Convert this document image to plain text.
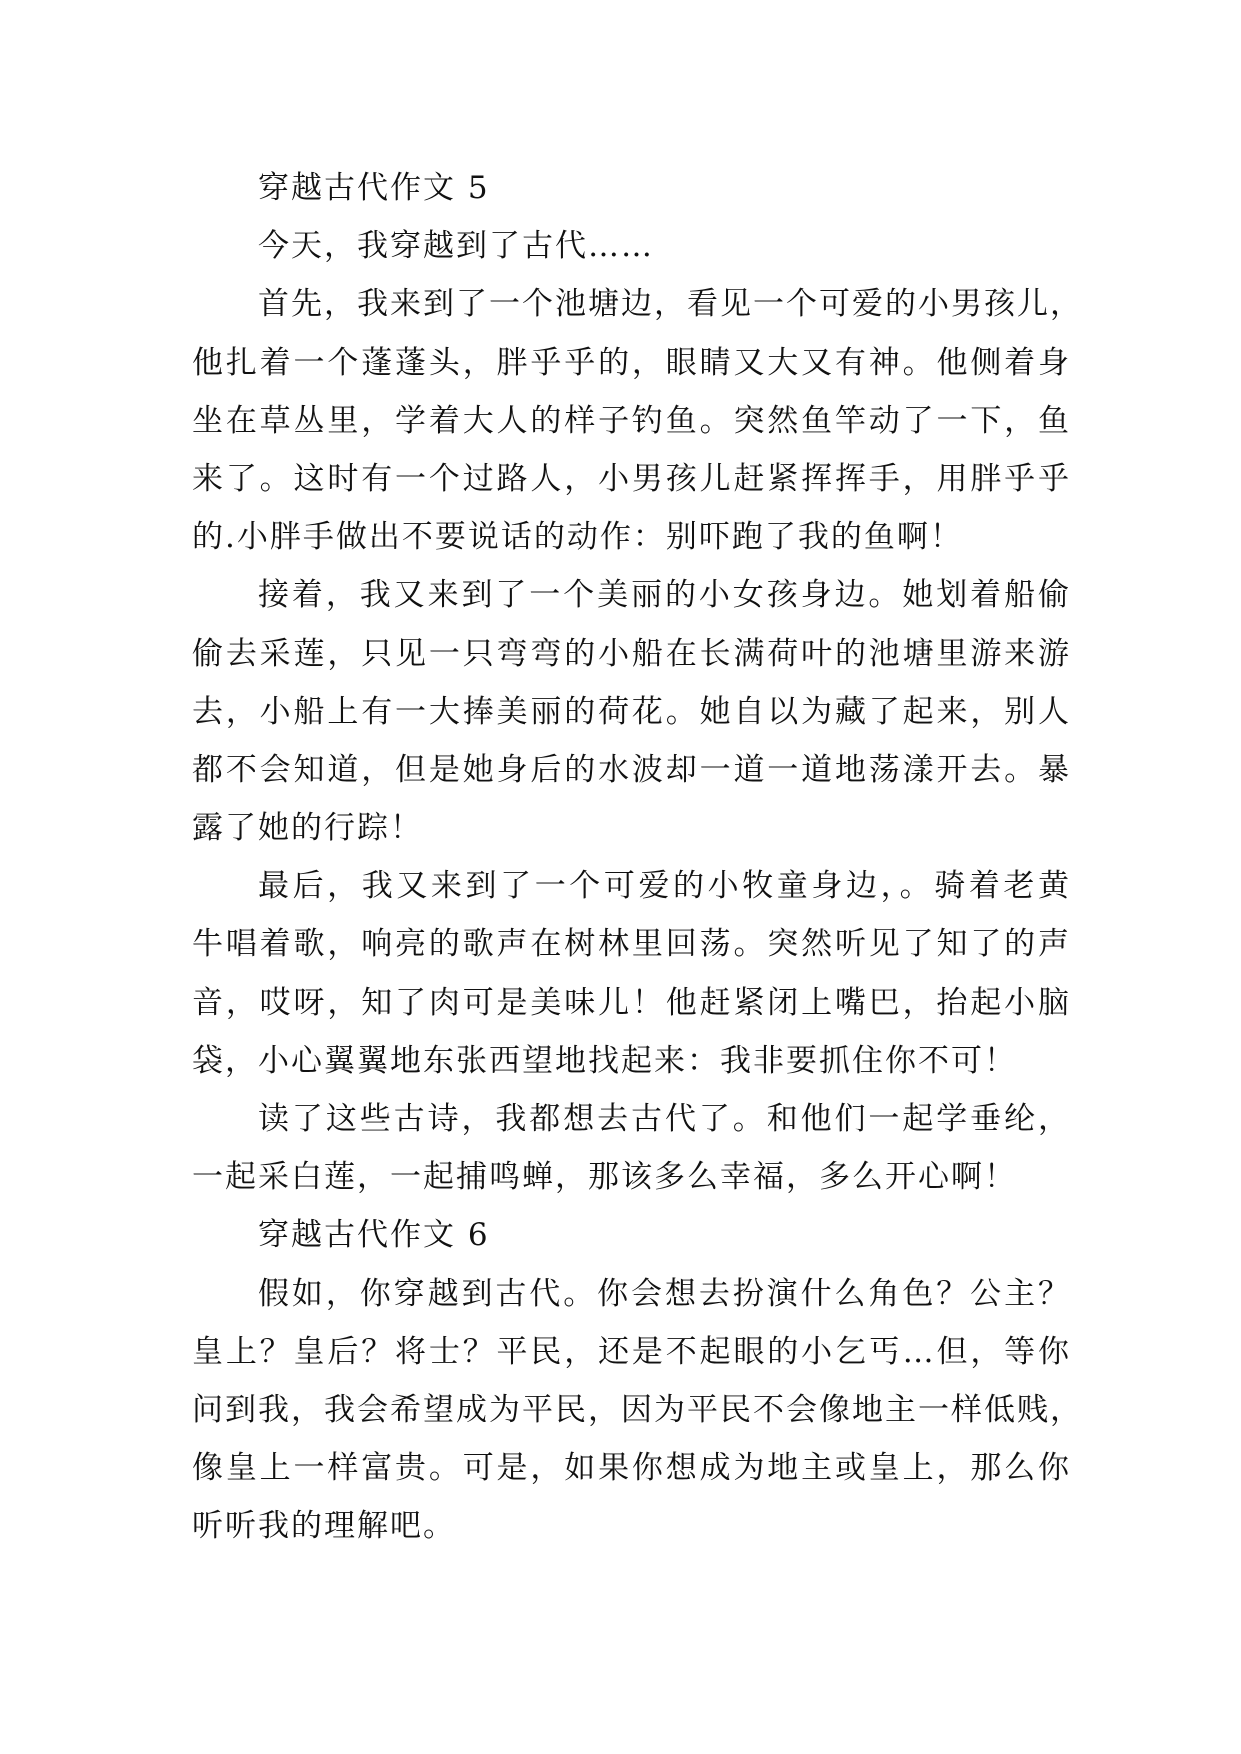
穿越古代作文 5
今天，我穿越到了古代……
首先，我来到了一个池塘边，看见一个可爱的小男孩儿，
他扎着一个蓬蓬头，胖乎乎的，眼睛又大又有神。他侧着身
坐在草丛里，学着大人的样子钓鱼。突然鱼竿动了一下，鱼
来了。这时有一个过路人，小男孩儿赶紧挥挥手，用胖乎乎
的.小胖手做出不要说话的动作：别吓跑了我的鱼啊！
接着，我又来到了一个美丽的小女孩身边。她划着船偷
偷去采莲，只见一只弯弯的小船在长满荷叶的池塘里游来游
去，小船上有一大捧美丽的荷花。她自以为藏了起来，别人
都不会知道，但是她身后的水波却一道一道地荡漾开去。暴
露了她的行踪！
最后，我又来到了一个可爱的小牧童身边，。骑着老黄
牛唱着歌，响亮的歌声在树林里回荡。突然听见了知了的声
音，哎呀，知了肉可是美味儿！他赶紧闭上嘴巴，抬起小脑
袋，小心翼翼地东张西望地找起来：我非要抓住你不可！
读了这些古诗，我都想去古代了。和他们一起学垂纶，
一起采白莲，一起捕鸣蝉，那该多么幸福，多么开心啊！
穿越古代作文 6
假如，你穿越到古代。你会想去扮演什么角色？公主？
皇上？皇后？将士？平民，还是不起眼的小乞丐…但，等你
问到我，我会希望成为平民，因为平民不会像地主一样低贱，
像皇上一样富贵。可是，如果你想成为地主或皇上，那么你
听听我的理解吧。
